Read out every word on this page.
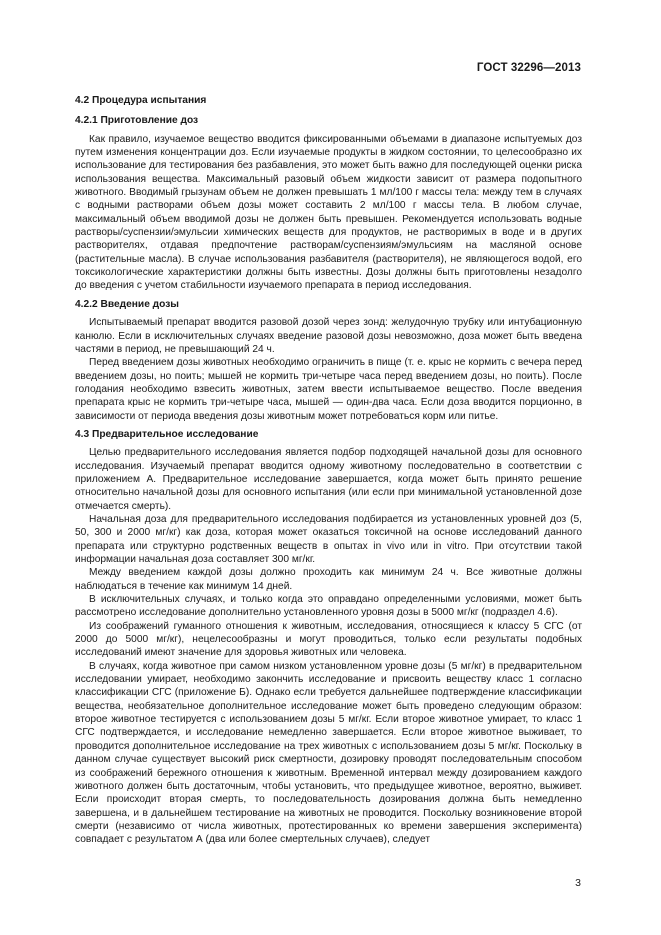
ГОСТ 32296—2013
4.2 Процедура испытания
4.2.1 Приготовление доз

Как правило, изучаемое вещество вводится фиксированными объемами в диапазоне испытуемых доз путем изменения концентрации доз. Если изучаемые продукты в жидком состоянии, то целесообразно их использование для тестирования без разбавления, это может быть важно для последующей оценки риска использования вещества. Максимальный разовый объем жидкости зависит от размера подопытного животного. Вводимый грызунам объем не должен превышать 1 мл/100 г массы тела: между тем в случаях с водными растворами объем дозы может составить 2 мл/100 г массы тела. В любом случае, максимальный объем вводимой дозы не должен быть превышен. Рекомендуется использовать водные растворы/суспензии/эмульсии химических веществ для продуктов, не растворимых в воде и в других растворителях, отдавая предпочтение растворам/суспензиям/эмульсиям на масляной основе (растительные масла). В случае использования разбавителя (растворителя), не являющегося водой, его токсикологические характеристики должны быть известны. Дозы должны быть приготовлены незадолго до введения с учетом стабильности изучаемого препарата в период исследования.

4.2.2 Введение дозы

Испытываемый препарат вводится разовой дозой через зонд: желудочную трубку или интубационную канюлю. Если в исключительных случаях введение разовой дозы невозможно, доза может быть введена частями в период, не превышающий 24 ч.

Перед введением дозы животных необходимо ограничить в пище (т. е. крыс не кормить с вечера перед введением дозы, но поить; мышей не кормить три-четыре часа перед введением дозы, но поить). После голодания необходимо взвесить животных, затем ввести испытываемое вещество. После введения препарата крыс не кормить три-четыре часа, мышей — один-два часа. Если доза вводится порционно, в зависимости от периода введения дозы животным может потребоваться корм или питье.

4.3 Предварительное исследование

Целью предварительного исследования является подбор подходящей начальной дозы для основного исследования. Изучаемый препарат вводится одному животному последовательно в соответствии с приложением А. Предварительное исследование завершается, когда может быть принято решение относительно начальной дозы для основного испытания (или если при минимальной установленной дозе отмечается смерть).

Начальная доза для предварительного исследования подбирается из установленных уровней доз (5, 50, 300 и 2000 мг/кг) как доза, которая может оказаться токсичной на основе исследований данного препарата или структурно родственных веществ в опытах in vivo или in vitro. При отсутствии такой информации начальная доза составляет 300 мг/кг.

Между введением каждой дозы должно проходить как минимум 24 ч. Все животные должны наблюдаться в течение как минимум 14 дней.

В исключительных случаях, и только когда это оправдано определенными условиями, может быть рассмотрено исследование дополнительно установленного уровня дозы в 5000 мг/кг (подраздел 4.6).

Из соображений гуманного отношения к животным, исследования, относящиеся к классу 5 СГС (от 2000 до 5000 мг/кг), нецелесообразны и могут проводиться, только если результаты подобных исследований имеют значение для здоровья животных или человека.

В случаях, когда животное при самом низком установленном уровне дозы (5 мг/кг) в предварительном исследовании умирает, необходимо закончить исследование и присвоить веществу класс 1 согласно классификации СГС (приложение Б). Однако если требуется дальнейшее подтверждение классификации вещества, необязательное дополнительное исследование может быть проведено следующим образом: второе животное тестируется с использованием дозы 5 мг/кг. Если второе животное умирает, то класс 1 СГС подтверждается, и исследование немедленно завершается. Если второе животное выживает, то проводится дополнительное исследование на трех животных с использованием дозы 5 мг/кг. Поскольку в данном случае существует высокий риск смертности, дозировку проводят последовательным способом из соображений бережного отношения к животным. Временной интервал между дозированием каждого животного должен быть достаточным, чтобы установить, что предыдущее животное, вероятно, выживет. Если происходит вторая смерть, то последовательность дозирования должна быть немедленно завершена, и в дальнейшем тестирование на животных не проводится. Поскольку возникновение второй смерти (независимо от числа животных, протестированных ко времени завершения эксперимента) совпадает с результатом А (два или более смертельных случаев), следует

3
